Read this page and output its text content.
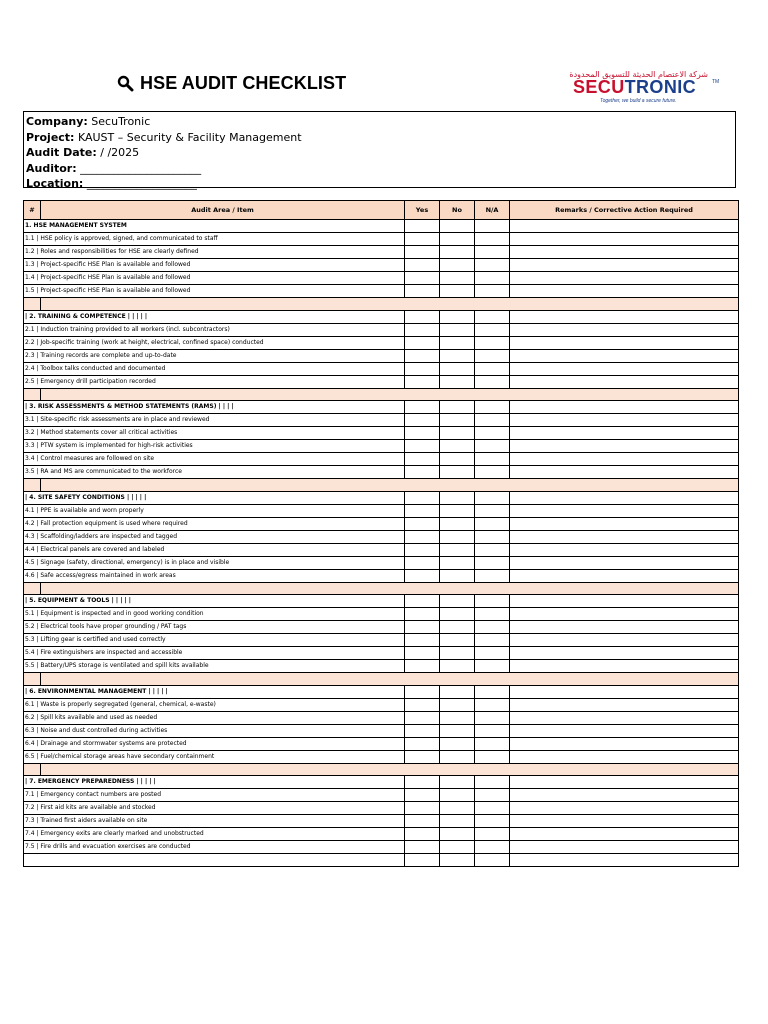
HSE AUDIT CHECKLIST	شركة الاعتصام الحديثة للتسويق المحدودة
SECUTRONIC	TM
Together, we build a secure future.
Company: SecuTronic
Project: KAUST – Security & Facility Management
Audit Date: / /2025
Auditor: ______________________
Location: ____________________
#	Audit Area / Item	Yes	No	N/A	Remarks / Corrective Action Required
1. HSE MANAGEMENT SYSTEM					
1.1 | HSE policy is approved, signed, and communicated to staff					
1.2 | Roles and responsibilities for HSE are clearly defined					
1.3 | Project-specific HSE Plan is available and followed					
1.4 | Project-specific HSE Plan is available and followed					
1.5 | Project-specific HSE Plan is available and followed					

| 2. TRAINING & COMPETENCE | | | | |					
2.1 | Induction training provided to all workers (incl. subcontractors)					
2.2 | Job-specific training (work at height, electrical, confined space) conducted					
2.3 | Training records are complete and up-to-date					
2.4 | Toolbox talks conducted and documented					
2.5 | Emergency drill participation recorded					

| 3. RISK ASSESSMENTS & METHOD STATEMENTS (RAMS) | | | |					
3.1 | Site-specific risk assessments are in place and reviewed					
3.2 | Method statements cover all critical activities					
3.3 | PTW system is implemented for high-risk activities					
3.4 | Control measures are followed on site					
3.5 | RA and MS are communicated to the workforce					

| 4. SITE SAFETY CONDITIONS | | | | |					
4.1 | PPE is available and worn properly					
4.2 | Fall protection equipment is used where required					
4.3 | Scaffolding/ladders are inspected and tagged					
4.4 | Electrical panels are covered and labeled					
4.5 | Signage (safety, directional, emergency) is in place and visible					
4.6 | Safe access/egress maintained in work areas					

| 5. EQUIPMENT & TOOLS | | | | |					
5.1 | Equipment is inspected and in good working condition					
5.2 | Electrical tools have proper grounding / PAT tags					
5.3 | Lifting gear is certified and used correctly					
5.4 | Fire extinguishers are inspected and accessible					
5.5 | Battery/UPS storage is ventilated and spill kits available					

| 6. ENVIRONMENTAL MANAGEMENT | | | | |					
6.1 | Waste is properly segregated (general, chemical, e-waste)					
6.2 | Spill kits available and used as needed					
6.3 | Noise and dust controlled during activities					
6.4 | Drainage and stormwater systems are protected					
6.5 | Fuel/chemical storage areas have secondary containment					

| 7. EMERGENCY PREPAREDNESS | | | | |					
7.1 | Emergency contact numbers are posted					
7.2 | First aid kits are available and stocked					
7.3 | Trained first aiders available on site					
7.4 | Emergency exits are clearly marked and unobstructed					
7.5 | Fire drills and evacuation exercises are conducted					
